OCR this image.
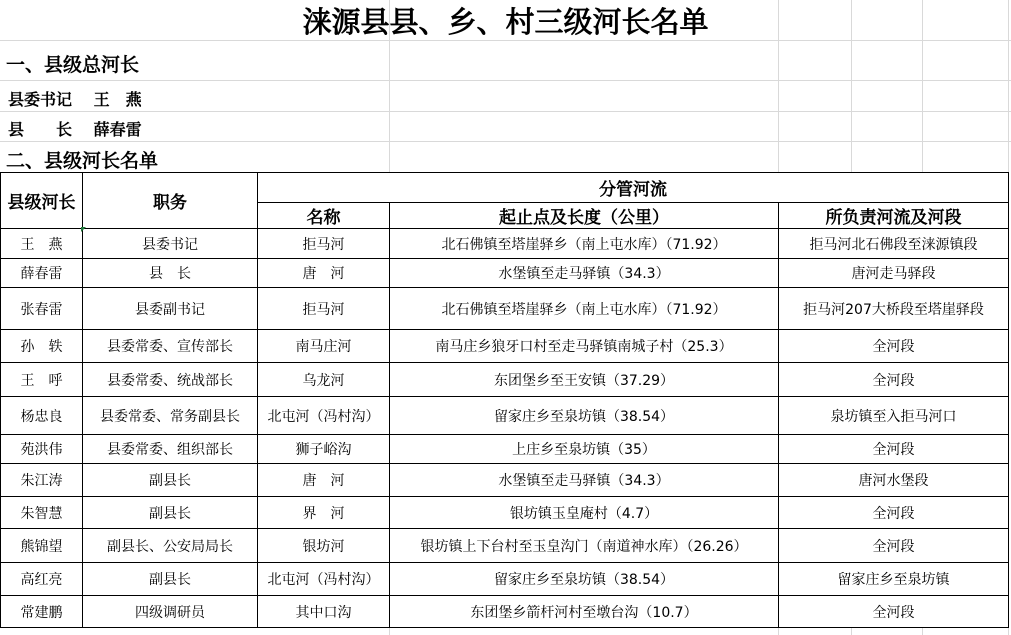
涞源县县、乡、村三级河长名单
一、县级总河长
县委书记　 王　燕
县　　长　 薛春雷
二、县级河长名单
县级河长	职务	分管河流		
		名称	起止点及长度（公里）	所负责河流及河段
王　燕	县委书记	拒马河	北石佛镇至塔崖驿乡（南上屯水库）（71.92）	拒马河北石佛段至涞源镇段
薛春雷	县　长	唐　河	水堡镇至走马驿镇（34.3）	唐河走马驿段
张春雷	县委副书记	拒马河	北石佛镇至塔崖驿乡（南上屯水库）（71.92）	拒马河207大桥段至塔崖驿段
孙　轶	县委常委、宣传部长	南马庄河	南马庄乡狼牙口村至走马驿镇南城子村（25.3）	全河段
王　呼	县委常委、统战部长	乌龙河	东团堡乡至王安镇（37.29）	全河段
杨忠良	县委常委、常务副县长	北屯河（冯村沟）	留家庄乡至泉坊镇（38.54）	泉坊镇至入拒马河口
苑洪伟	县委常委、组织部长	狮子峪沟	上庄乡至泉坊镇（35）	全河段
朱江涛	副县长	唐　河	水堡镇至走马驿镇（34.3）	唐河水堡段
朱智慧	副县长	界　河	银坊镇玉皇庵村（4.7）	全河段
熊锦望	副县长、公安局局长	银坊河	银坊镇上下台村至玉皇沟门（南道神水库）（26.26）	全河段
高红亮	副县长	北屯河（冯村沟）	留家庄乡至泉坊镇（38.54）	留家庄乡至泉坊镇
常建鹏	四级调研员	其中口沟	东团堡乡箭杆河村至墩台沟（10.7）	全河段
